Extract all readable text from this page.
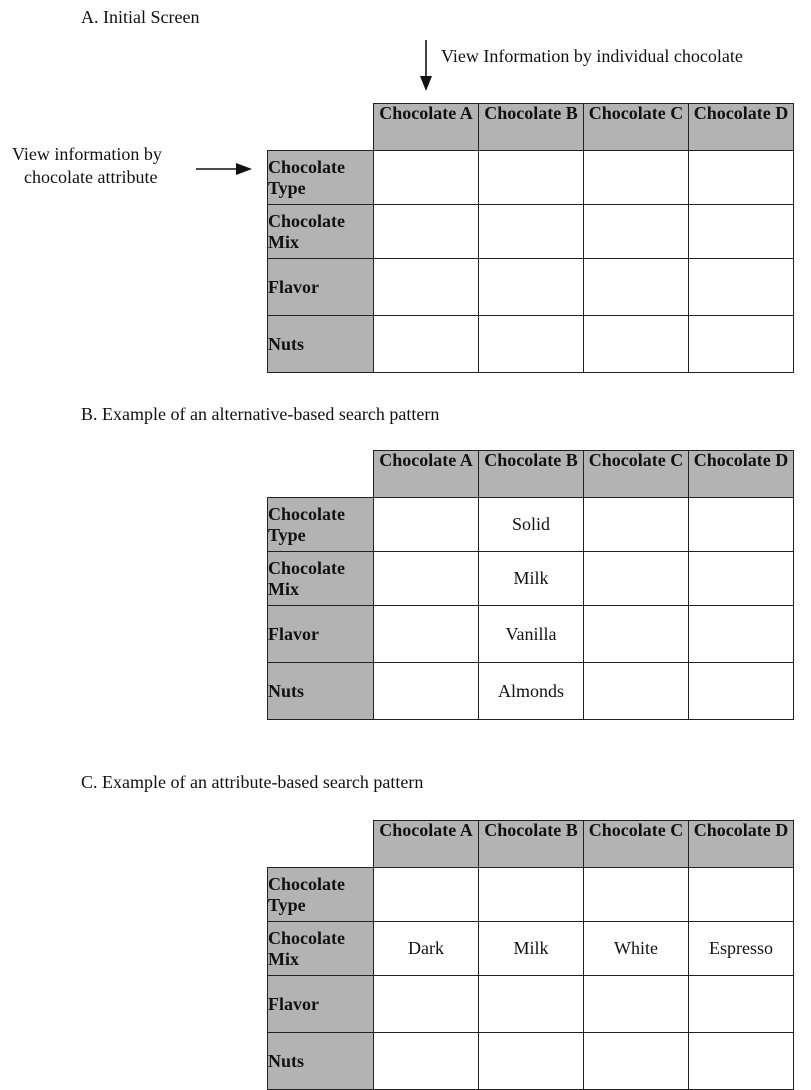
A. Initial Screen
View Information by individual chocolate
View information by
chocolate attribute
	Chocolate A	Chocolate B	Chocolate C	Chocolate D
Chocolate Type				
Chocolate Mix				
Flavor				
Nuts				
B. Example of an alternative-based search pattern
	Chocolate A	Chocolate B	Chocolate C	Chocolate D
Chocolate Type		Solid		
Chocolate Mix		Milk		
Flavor		Vanilla		
Nuts		Almonds		
C. Example of an attribute-based search pattern
	Chocolate A	Chocolate B	Chocolate C	Chocolate D
Chocolate Type				
Chocolate Mix	Dark	Milk	White	Espresso
Flavor				
Nuts				
